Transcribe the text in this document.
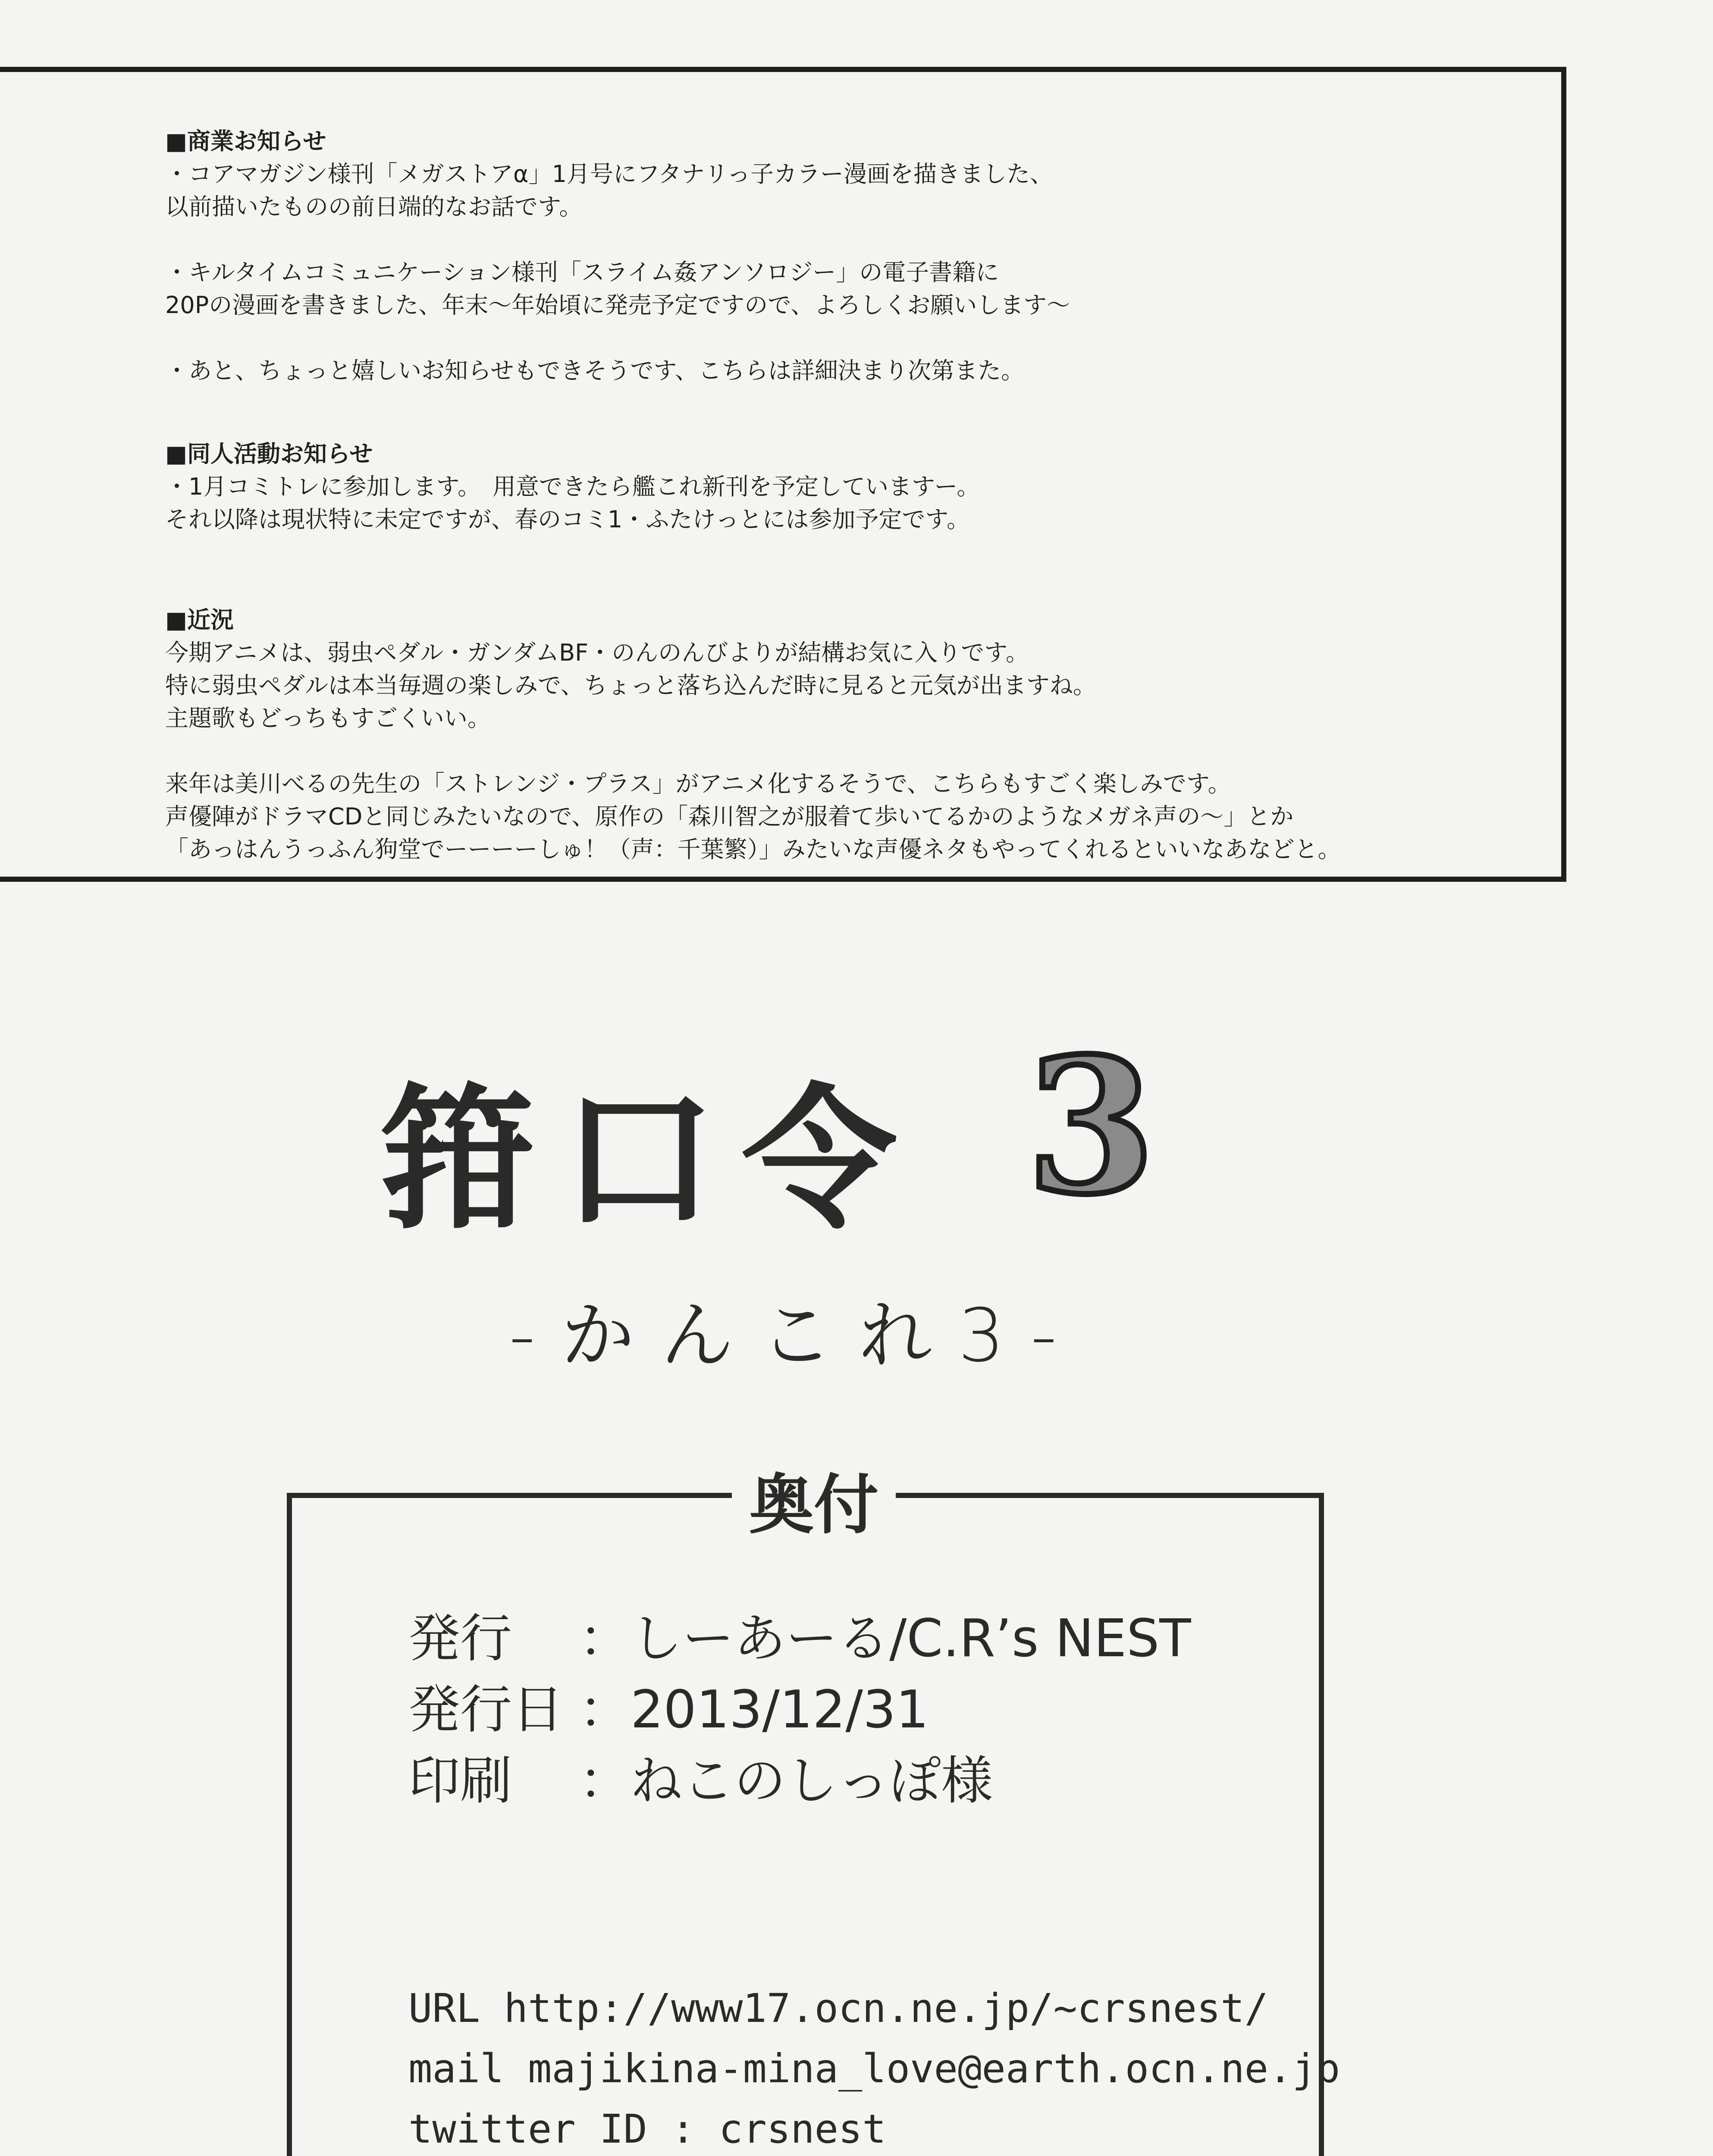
■商業お知らせ

・コアマガジン様刊「メガストアα」1月号にフタナリっ子カラー漫画を描きました、

以前描いたものの前日端的なお話です。

・キルタイムコミュニケーション様刊「スライム姦アンソロジー」の電子書籍に

20Pの漫画を書きました、年末〜年始頃に発売予定ですので、よろしくお願いします〜

・あと、ちょっと嬉しいお知らせもできそうです、こちらは詳細決まり次第また。

■同人活動お知らせ

・1月コミトレに参加します。　用意できたら艦これ新刊を予定していますー。

それ以降は現状特に未定ですが、春のコミ1・ふたけっとには参加予定です。

■近況

今期アニメは、弱虫ペダル・ガンダムBF・のんのんびよりが結構お気に入りです。

特に弱虫ペダルは本当毎週の楽しみで、ちょっと落ち込んだ時に見ると元気が出ますね。

主題歌もどっちもすごくいい。

来年は美川べるの先生の「ストレンジ・プラス」がアニメ化するそうで、こちらもすごく楽しみです。

声優陣がドラマCDと同じみたいなので、原作の「森川智之が服着て歩いてるかのようなメガネ声の〜」とか

「あっはんうっふん狗堂でーーーーしゅ！（声：千葉繁）」みたいな声優ネタもやってくれるといいなあなどと。

箝口令 3
-かんこれ3-
奥付
発行 ：しーあーる/C.R’s NEST
発行日 ：2013/12/31
印刷 ：ねこのしっぽ様
URL http://www17.ocn.ne.jp/~crsnest/
mail majikina-mina_love@earth.ocn.ne.jp
twitter ID : crsnest
